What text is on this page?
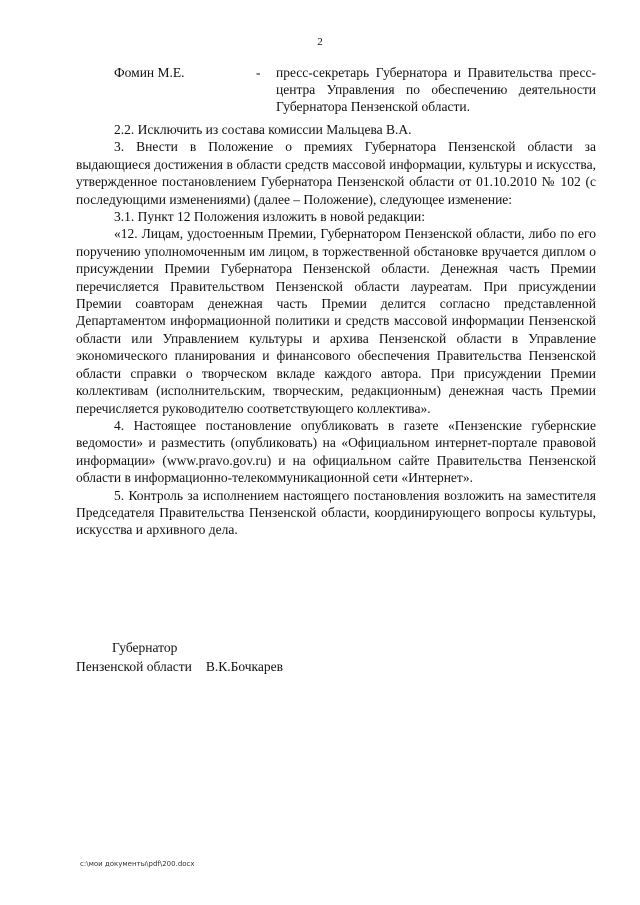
2
Фомин М.Е.	- пресс-секретарь Губернатора и Правительства пресс-центра Управления по обеспечению деятельности Губернатора Пензенской области.

2.2. Исключить из состава комиссии Мальцева В.А.

3. Внести в Положение о премиях Губернатора Пензенской области за выдающиеся достижения в области средств массовой информации, культуры и искусства, утвержденное постановлением Губернатора Пензенской области от 01.10.2010 № 102 (с последующими изменениями) (далее – Положение), следующее изменение:

3.1. Пункт 12 Положения изложить в новой редакции:

«12. Лицам, удостоенным Премии, Губернатором Пензенской области, либо по его поручению уполномоченным им лицом, в торжественной обстановке вручается диплом о присуждении Премии Губернатора Пензенской области. Денежная часть Премии перечисляется Правительством Пензенской области лауреатам. При присуждении Премии соавторам денежная часть Премии делится согласно представленной Департаментом информационной политики и средств массовой информации Пензенской области или Управлением культуры и архива Пензенской области в Управление экономического планирования и финансового обеспечения Правительства Пензенской области справки о творческом вкладе каждого автора. При присуждении Премии коллективам (исполнительским, творческим, редакционным) денежная часть Премии перечисляется руководителю соответствующего коллектива».

4. Настоящее постановление опубликовать в газете «Пензенские губернские ведомости» и разместить (опубликовать) на «Официальном интернет-портале правовой информации» (www.pravo.gov.ru) и на официальном сайте Правительства Пензенской области в информационно-телекоммуникационной сети «Интернет».

5. Контроль за исполнением настоящего постановления возложить на заместителя Председателя Правительства Пензенской области, координирующего вопросы культуры, искусства и архивного дела.

Губернатор
Пензенской области В.К.Бочкарев
c:\мои документы\pdf\200.docx
